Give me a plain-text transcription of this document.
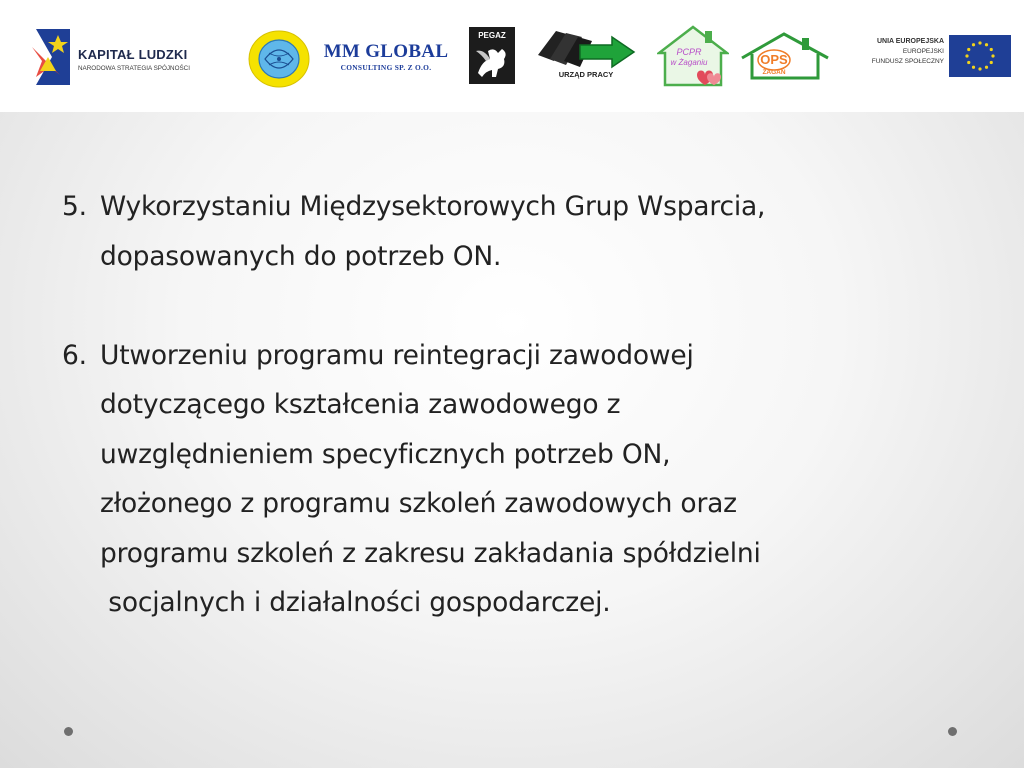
KAPITAŁ LUDZKI
NARODOWA STRATEGIA SPÓJNOŚCI
MM GLOBAL
CONSULTING SP. Z O.O.
PEGAZ
URZĄD PRACY
PCPR
w Żaganiu	OPS
ŻAGAŃ
UNIA EUROPEJSKA
EUROPEJSKI
FUNDUSZ SPOŁECZNY
5. Wykorzystaniu Międzysektorowych Grup Wsparcia,
dopasowanych do potrzeb ON.
6. Utworzeniu programu reintegracji zawodowej
dotyczącego kształcenia zawodowego z
uwzględnieniem specyficznych potrzeb ON,
złożonego z programu szkoleń zawodowych oraz
programu szkoleń z zakresu zakładania spółdzielni
socjalnych i działalności gospodarczej.
